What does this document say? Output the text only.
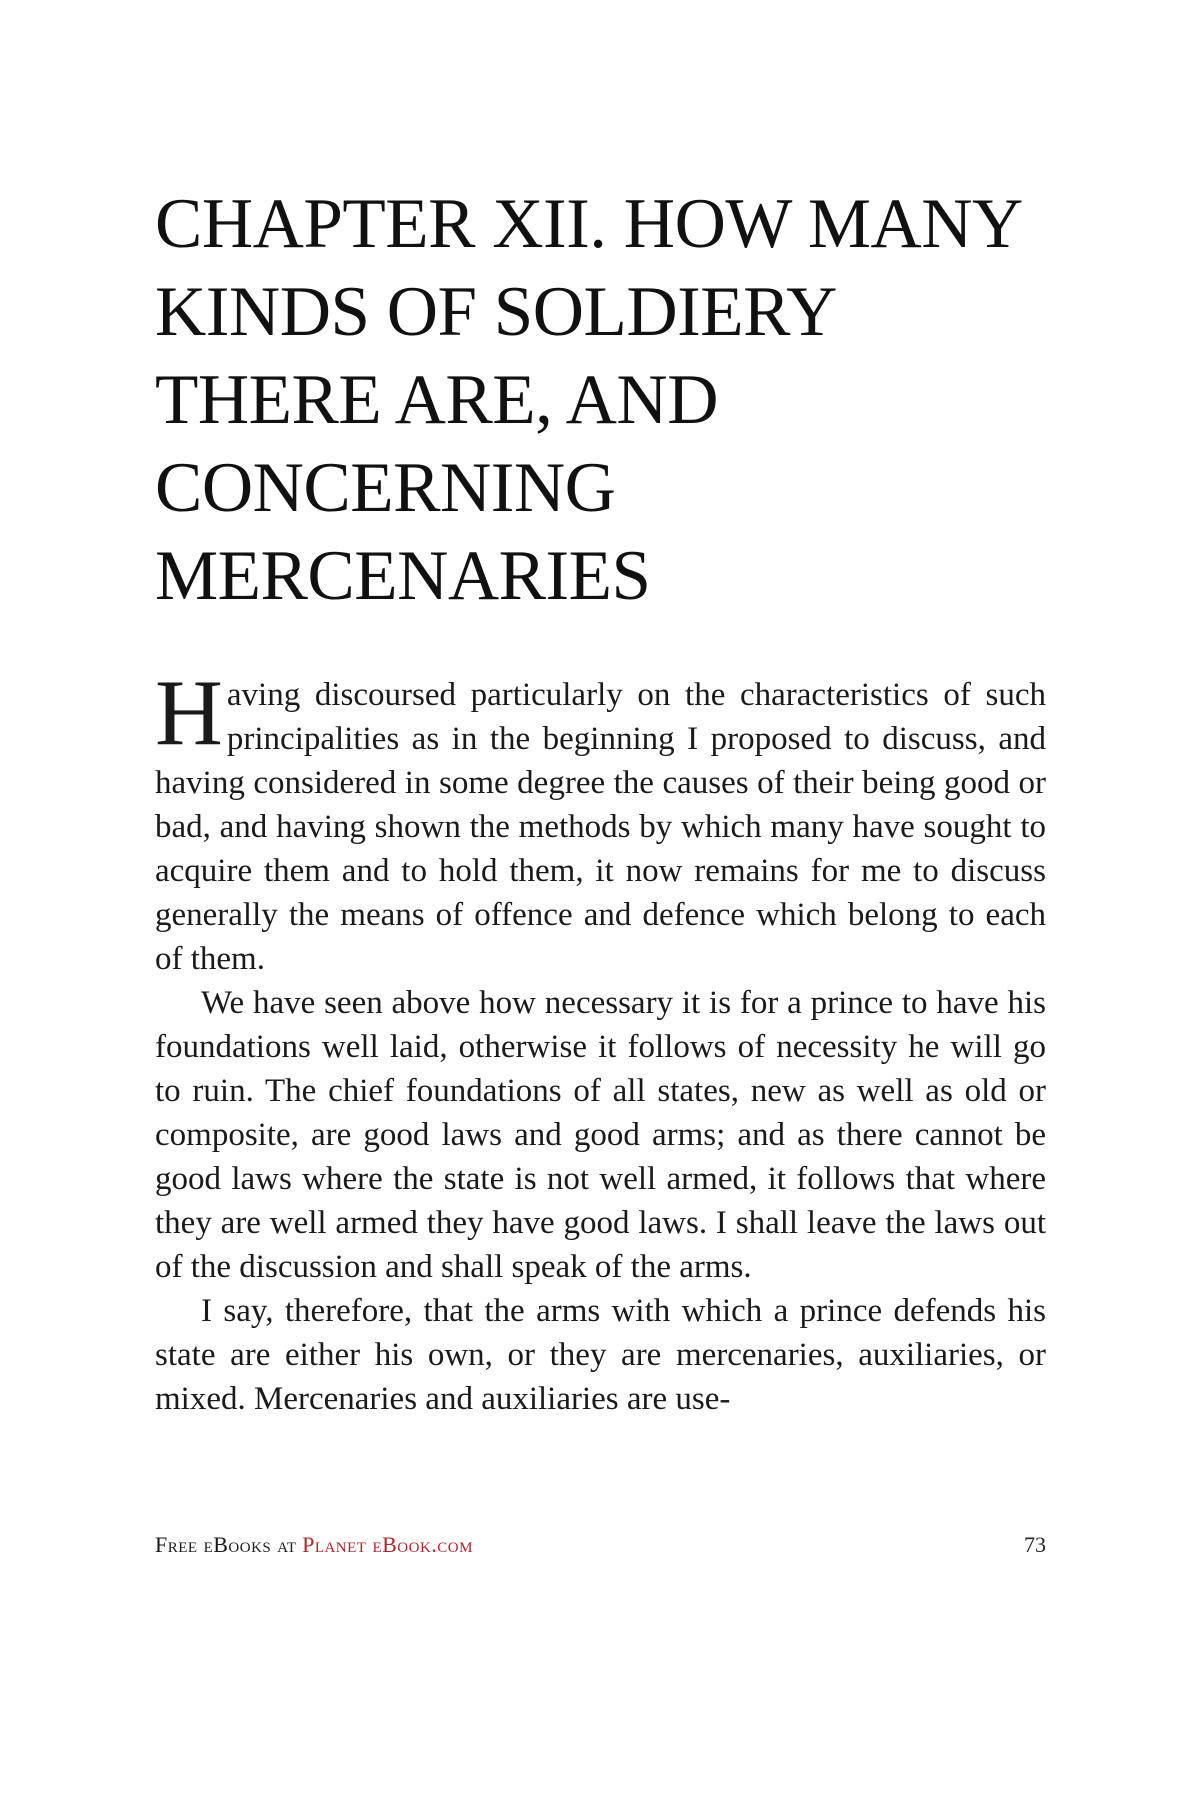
CHAPTER XII. HOW MANY KINDS OF SOLDIERY THERE ARE, AND CONCERNING MERCENARIES

Having discoursed particularly on the characteristics of such principalities as in the beginning I proposed to discuss, and having considered in some degree the causes of their being good or bad, and having shown the methods by which many have sought to acquire them and to hold them, it now remains for me to discuss generally the means of offence and defence which belong to each of them.

We have seen above how necessary it is for a prince to have his foundations well laid, otherwise it follows of necessity he will go to ruin. The chief foundations of all states, new as well as old or composite, are good laws and good arms; and as there cannot be good laws where the state is not well armed, it follows that where they are well armed they have good laws. I shall leave the laws out of the discussion and shall speak of the arms.

I say, therefore, that the arms with which a prince defends his state are either his own, or they are mercenaries, auxiliaries, or mixed. Mercenaries and auxiliaries are use-

Free eBooks at Planet eBook.com	73
